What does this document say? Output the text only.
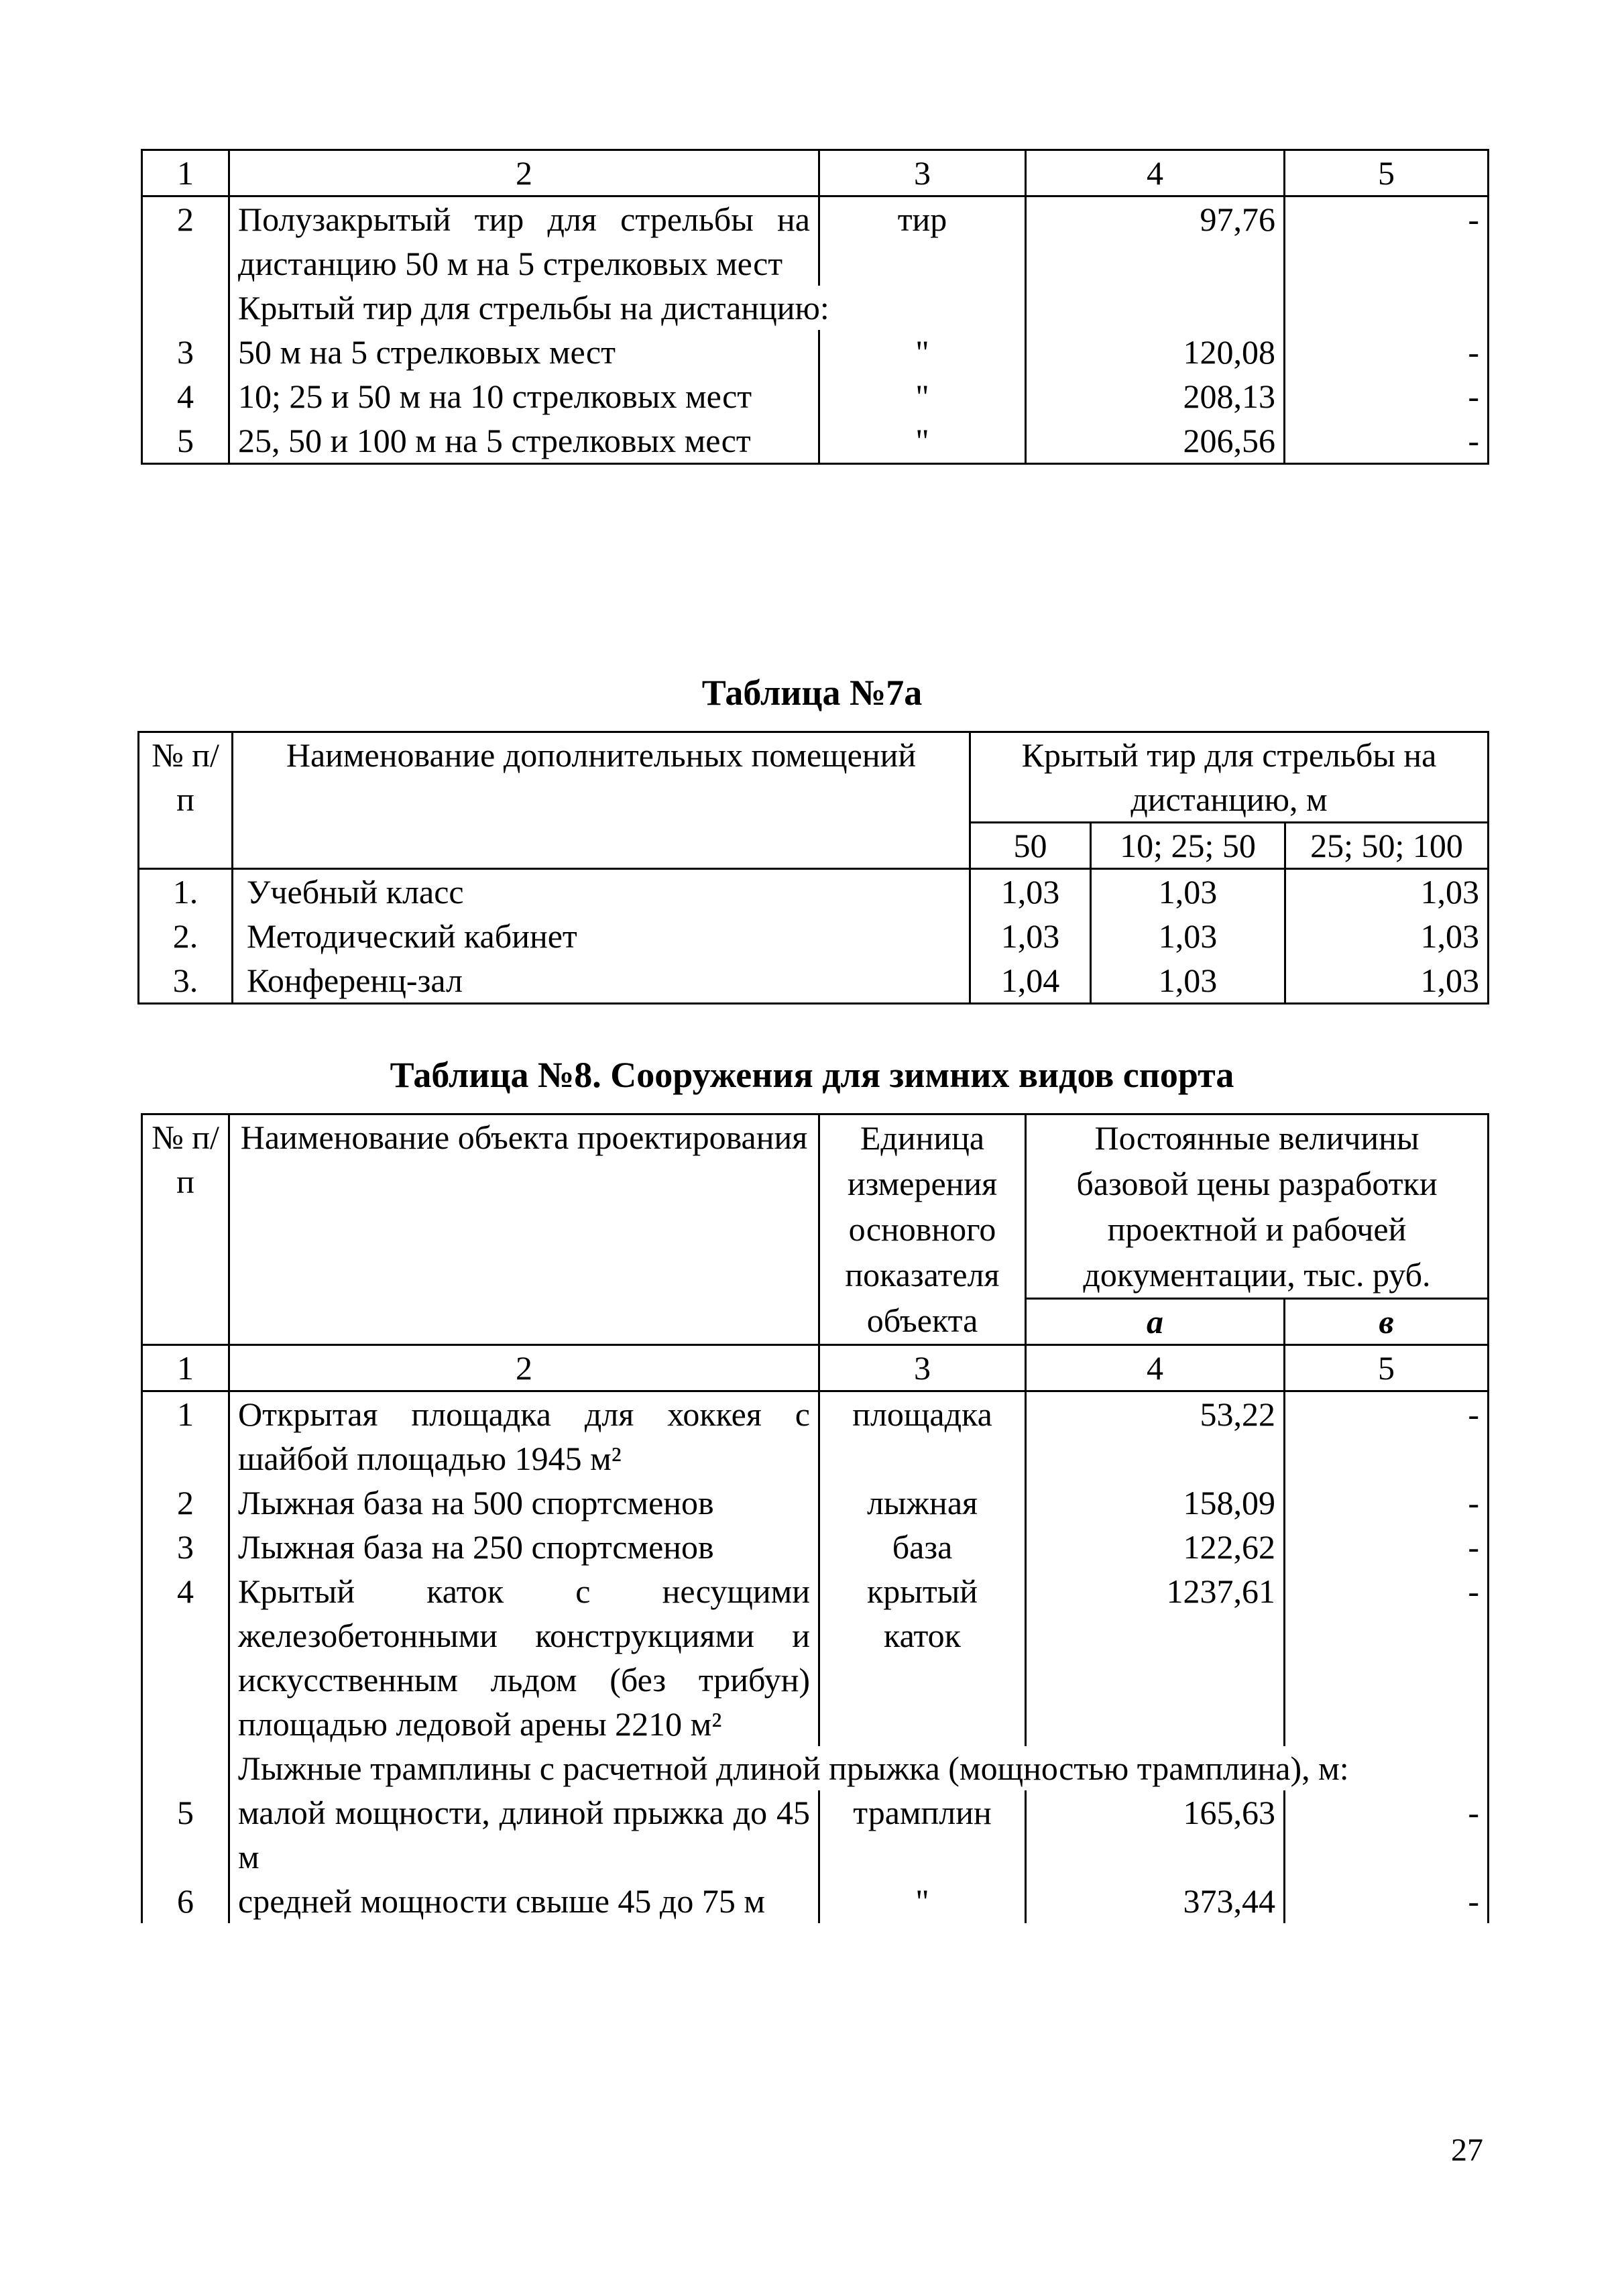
1	2	3	4	5
2	Полузакрытый тир для стрельбы на дистанцию 50 м на 5 стрелковых мест	тир	97,76	-
	Крытый тир для стрельбы на дистанцию:			
3	50 м на 5 стрелковых мест	"	120,08	-
4	10; 25 и 50 м на 10 стрелковых мест	"	208,13	-
5	25, 50 и 100 м на 5 стрелковых мест	"	206,56	-
Таблица №7а
№ п/п	Наименование дополнительных помещений	Крытый тир для стрельбы на дистанцию, м		
		50	10; 25; 50	25; 50; 100
1.	Учебный класс	1,03	1,03	1,03
2.	Методический кабинет	1,03	1,03	1,03
3.	Конференц-зал	1,04	1,03	1,03
Таблица №8. Сооружения для зимних видов спорта
№ п/п	Наименование объекта проектирования	Единица измерения основного показателя объекта	Постоянные величины базовой цены разработки проектной и рабочей документации, тыс. руб.	
			а	в
1	2	3	4	5
1	Открытая площадка для хоккея с шайбой площадью 1945 м²	площадка	53,22	-
2	Лыжная база на 500 спортсменов	лыжная	158,09	-
3	Лыжная база на 250 спортсменов	база	122,62	-
4	Крытый каток с несущими железобетонными конструкциями и искусственным льдом (без трибун) площадью ледовой арены 2210 м²	крытый каток	1237,61	-
	Лыжные трамплины с расчетной длиной прыжка (мощностью трамплина), м:			
5	малой мощности, длиной прыжка до 45 м	трамплин	165,63	-
6	средней мощности свыше 45 до 75 м	"	373,44	-
27
